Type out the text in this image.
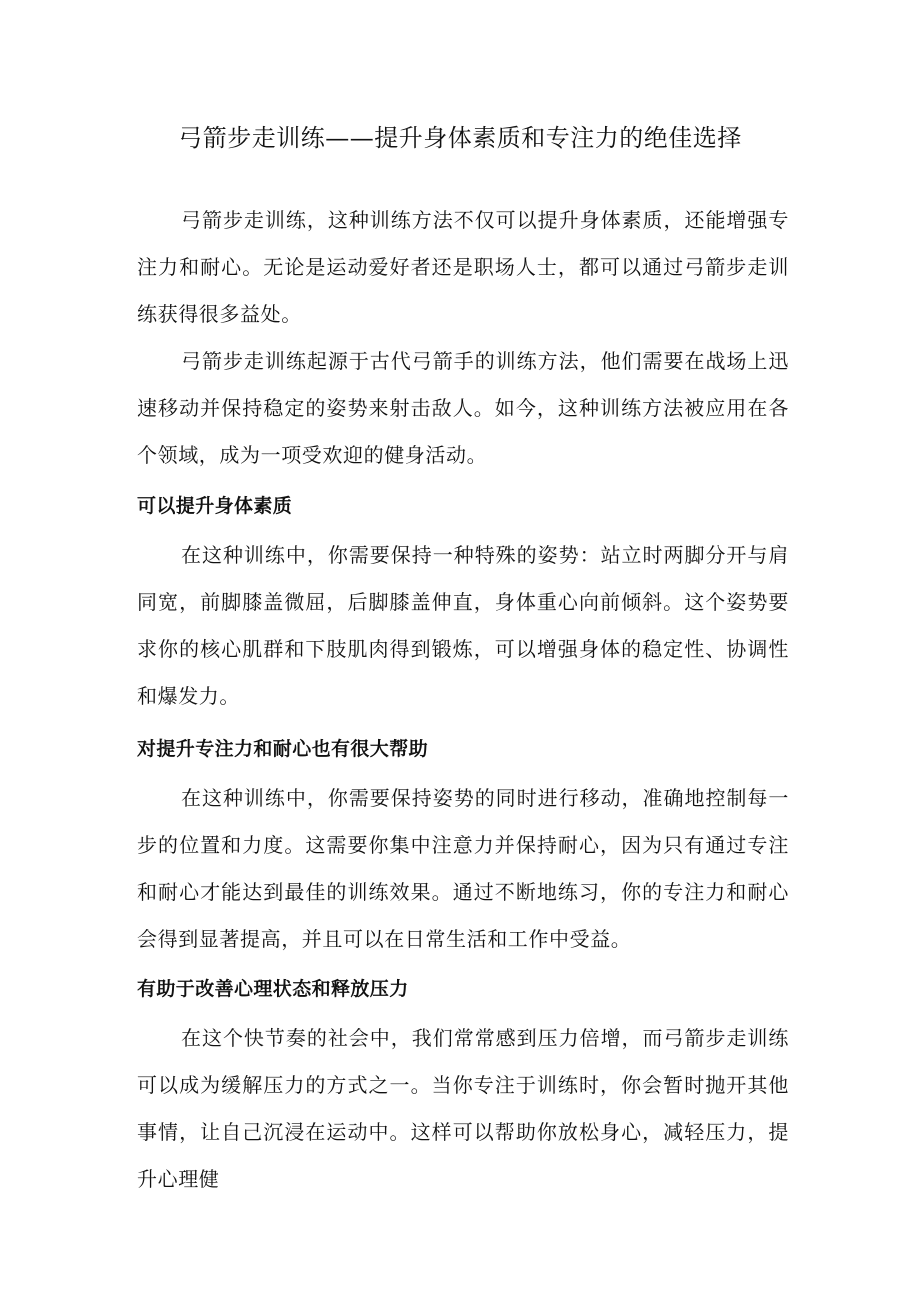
弓箭步走训练——提升身体素质和专注力的绝佳选择

弓箭步走训练，这种训练方法不仅可以提升身体素质，还能增强专注力和耐心。无论是运动爱好者还是职场人士，都可以通过弓箭步走训练获得很多益处。

弓箭步走训练起源于古代弓箭手的训练方法，他们需要在战场上迅速移动并保持稳定的姿势来射击敌人。如今，这种训练方法被应用在各个领域，成为一项受欢迎的健身活动。

可以提升身体素质

在这种训练中，你需要保持一种特殊的姿势：站立时两脚分开与肩同宽，前脚膝盖微屈，后脚膝盖伸直，身体重心向前倾斜。这个姿势要求你的核心肌群和下肢肌肉得到锻炼，可以增强身体的稳定性、协调性和爆发力。

对提升专注力和耐心也有很大帮助

在这种训练中，你需要保持姿势的同时进行移动，准确地控制每一步的位置和力度。这需要你集中注意力并保持耐心，因为只有通过专注和耐心才能达到最佳的训练效果。通过不断地练习，你的专注力和耐心会得到显著提高，并且可以在日常生活和工作中受益。

有助于改善心理状态和释放压力

在这个快节奏的社会中，我们常常感到压力倍增，而弓箭步走训练可以成为缓解压力的方式之一。当你专注于训练时，你会暂时抛开其他事情，让自己沉浸在运动中。这样可以帮助你放松身心，减轻压力，提升心理健
